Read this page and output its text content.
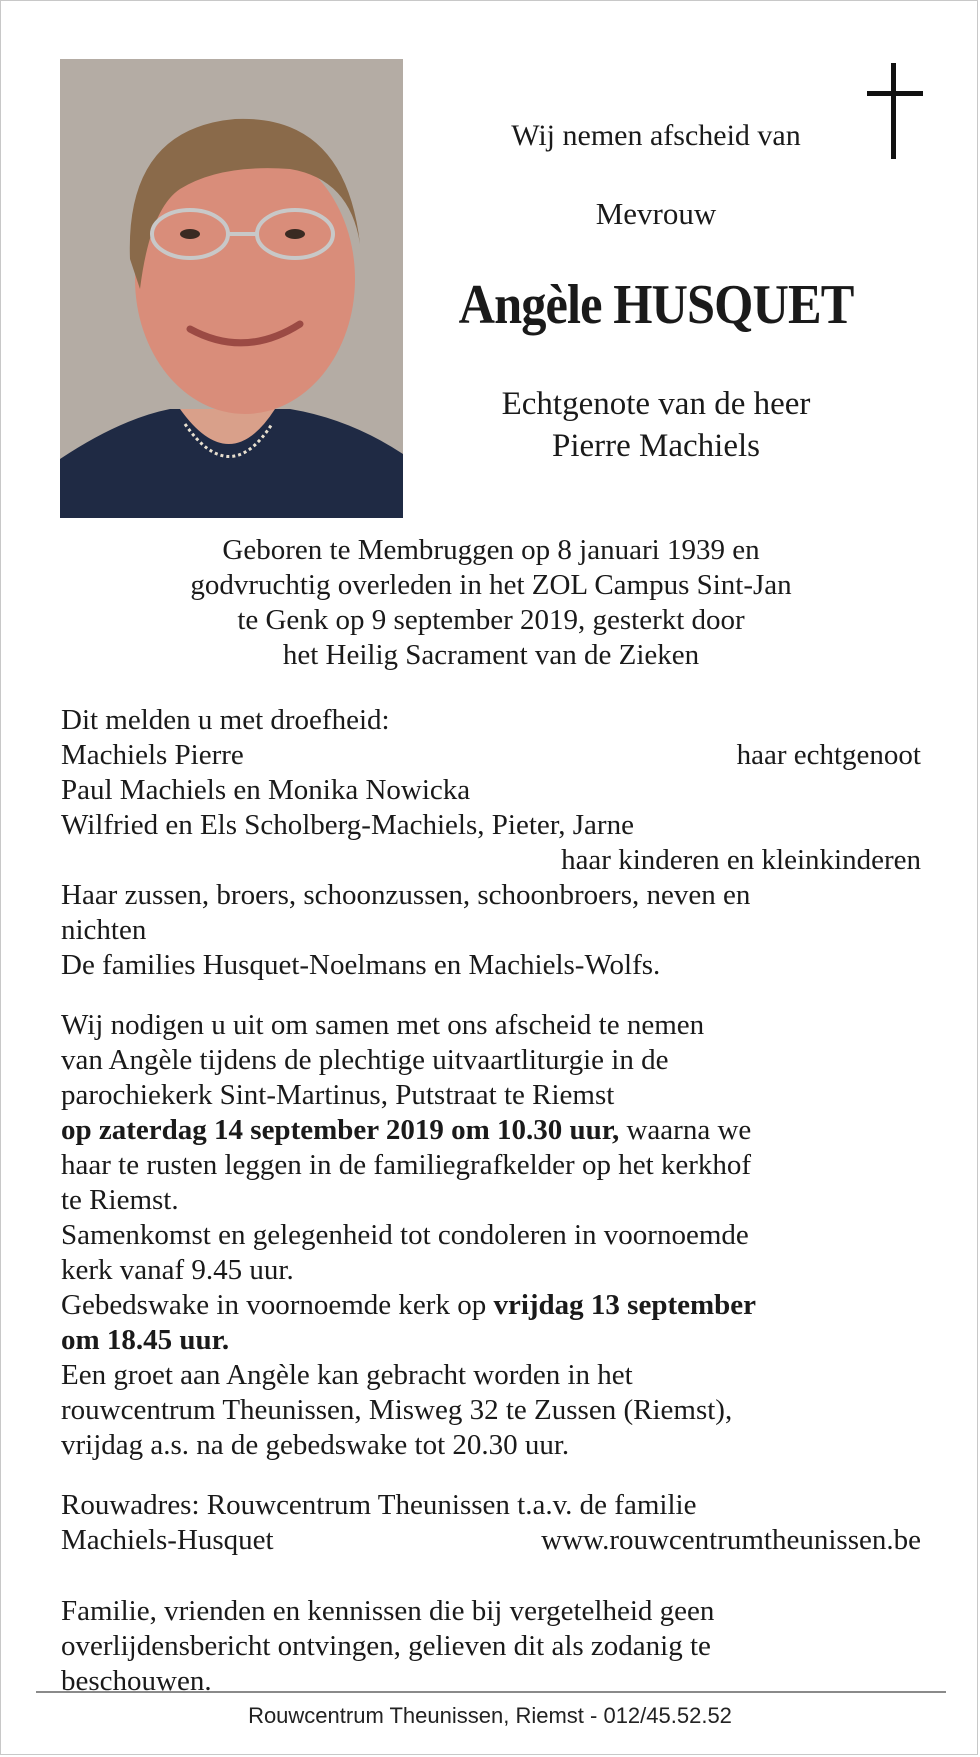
Wij nemen afscheid van
Mevrouw
Angèle HUSQUET
Echtgenote van de heer
Pierre Machiels
Geboren te Membruggen op 8 januari 1939 en
godvruchtig overleden in het ZOL Campus Sint-Jan
te Genk op 9 september 2019, gesterkt door
het Heilig Sacrament van de Zieken
Dit melden u met droefheid:
Machiels Pierre	haar echtgenoot
Paul Machiels en Monika Nowicka
Wilfried en Els Scholberg-Machiels, Pieter, Jarne
haar kinderen en kleinkinderen
Haar zussen, broers, schoonzussen, schoonbroers, neven en
nichten
De families Husquet-Noelmans en Machiels-Wolfs.
Wij nodigen u uit om samen met ons afscheid te nemen
van Angèle tijdens de plechtige uitvaartliturgie in de
parochiekerk Sint-Martinus, Putstraat te Riemst
op zaterdag 14 september 2019 om 10.30 uur, waarna we
haar te rusten leggen in de familiegrafkelder op het kerkhof
te Riemst.
Samenkomst en gelegenheid tot condoleren in voornoemde
kerk vanaf 9.45 uur.
Gebedswake in voornoemde kerk op vrijdag 13 september
om 18.45 uur.
Een groet aan Angèle kan gebracht worden in het
rouwcentrum Theunissen, Misweg 32 te Zussen (Riemst),
vrijdag a.s. na de gebedswake tot 20.30 uur.
Rouwadres: Rouwcentrum Theunissen t.a.v. de familie
Machiels-Husquet	www.rouwcentrumtheunissen.be
Familie, vrienden en kennissen die bij vergetelheid geen
overlijdensbericht ontvingen, gelieven dit als zodanig te
beschouwen.
Rouwcentrum Theunissen, Riemst - 012/45.52.52
